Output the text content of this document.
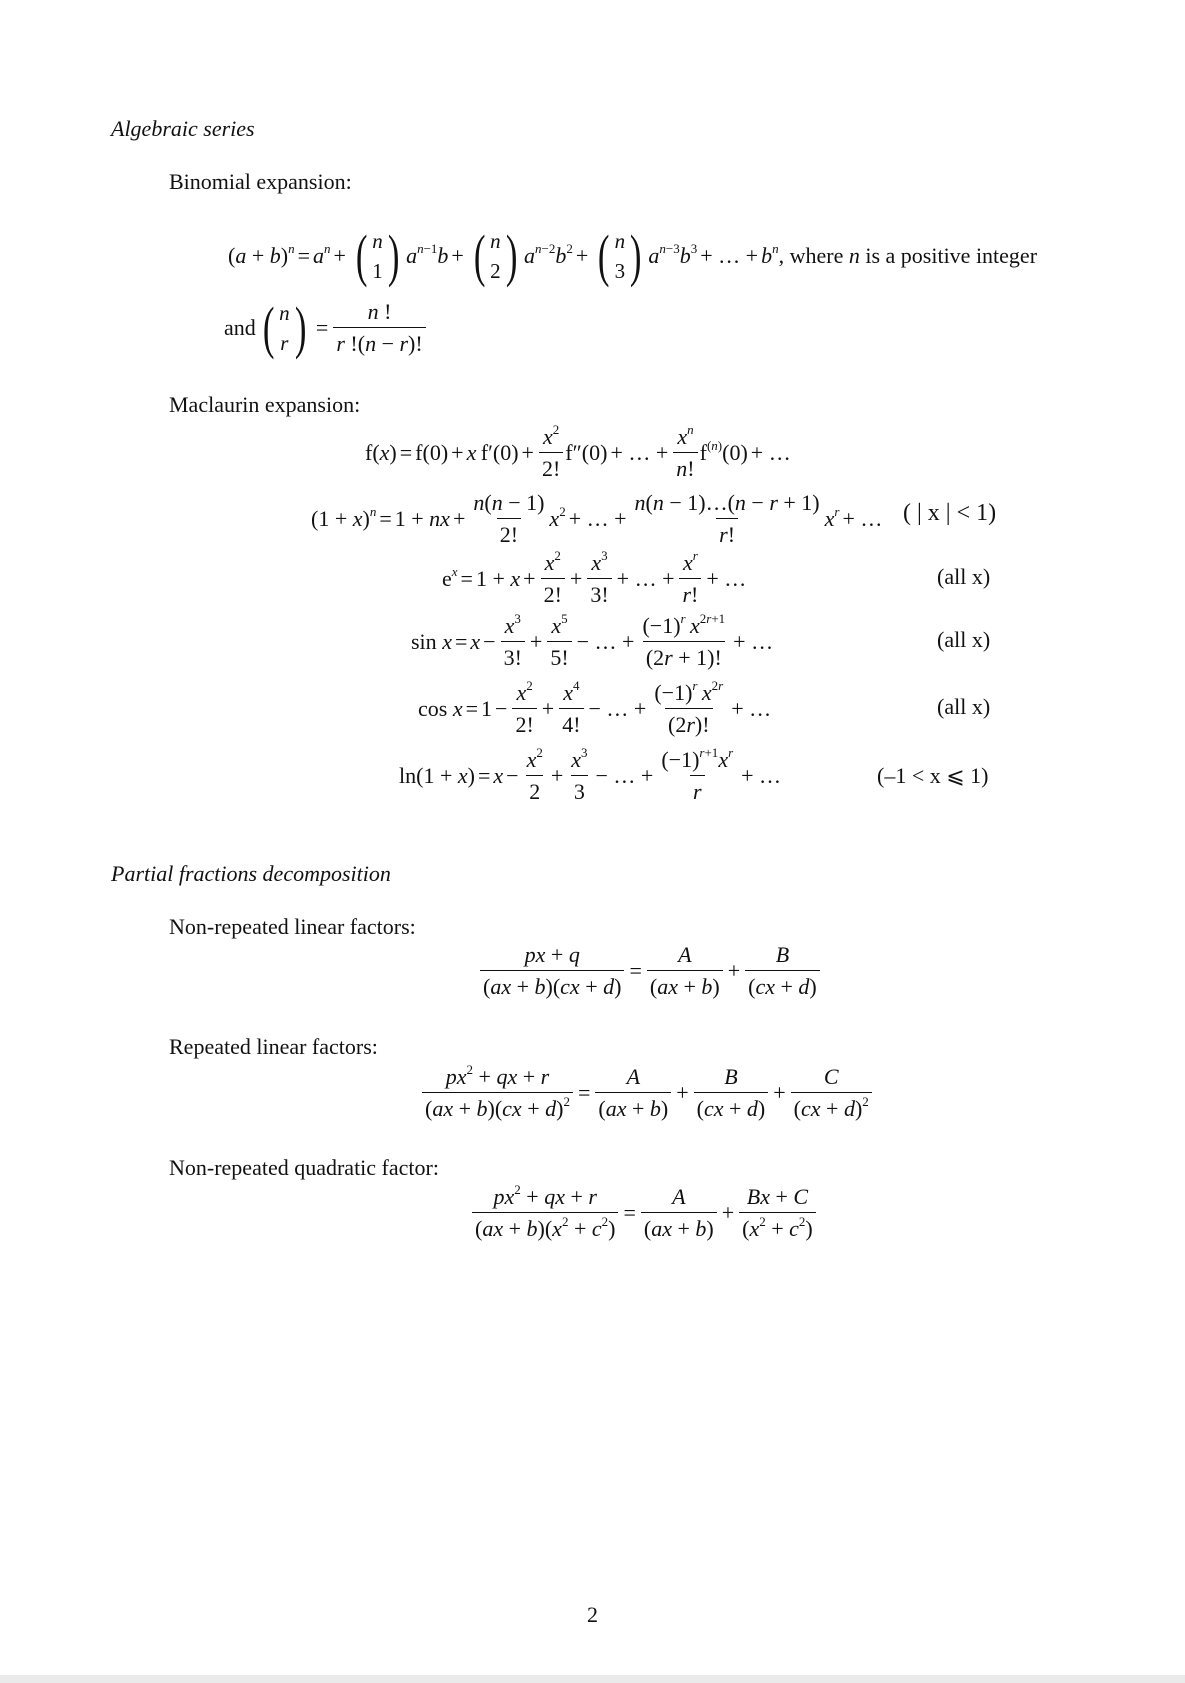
Algebraic series
Binomial expansion:
$(a + b)^n = a^n$ + ( n
1 ) $a^{n-1}b$ + ( n
2 ) $a^{n-2}b^2$ + ( n
3 ) $a^{n-3}b^3$ + … + $b^n$ , where
n
is a positive integer
and ( n
r ) = $\frac{n !}{r !(n - r)!}$
Maclaurin expansion:
f(x) = f(0) + x $f'(0) + \frac{x^2}{2!} f''(0)$ + … + $\frac{x^n}{n!} f^{(n)}(0)$ + …
$(1 + x)^n = 1$ + nx + $\frac{n(n - 1)}{2!} x^2$ + … + $\frac{n(n - 1)\dots(n - r + 1)}{r!} x^r$ + … ( | x | < 1)
$e^x = 1 + x + \frac{x^2}{2!} + \frac{x^3}{3!}$ + … + $\frac{x^r}{r!}$ + …	(all x)
$\sin x = x - \frac{x^3}{3!} + \frac{x^5}{5!}$ − … + $\frac{(-1)^r x^{2r+1}}{(2r + 1)!}$ + …	(all x)
$\cos x = 1 - \frac{x^2}{2!} + \frac{x^4}{4!}$ − … + $\frac{(-1)^r x^{2r}}{(2r)!}$ + …	(all x)
$\ln(1 + x) = x - \frac{x^2}{2} + \frac{x^3}{3}$ − … + $\frac{(-1)^{r+1}x^r}{r}$ + …	(–1 < x ⩽ 1)
Partial fractions decomposition
Non-repeated linear factors:
$\frac{px + q}{(ax + b)(cx + d)} = \frac{A}{(ax + b)} + \frac{B}{(cx + d)}$
Repeated linear factors:
$\frac{px^2 + qx + r}{(ax + b)(cx + d)^2} = \frac{A}{(ax + b)} + \frac{B}{(cx + d)} + \frac{C}{(cx + d)^2}$
Non-repeated quadratic factor:
$\frac{px^2 + qx + r}{(ax + b)(x^2 + c^2)} = \frac{A}{(ax + b)} + \frac{Bx + C}{(x^2 + c^2)}$
2
